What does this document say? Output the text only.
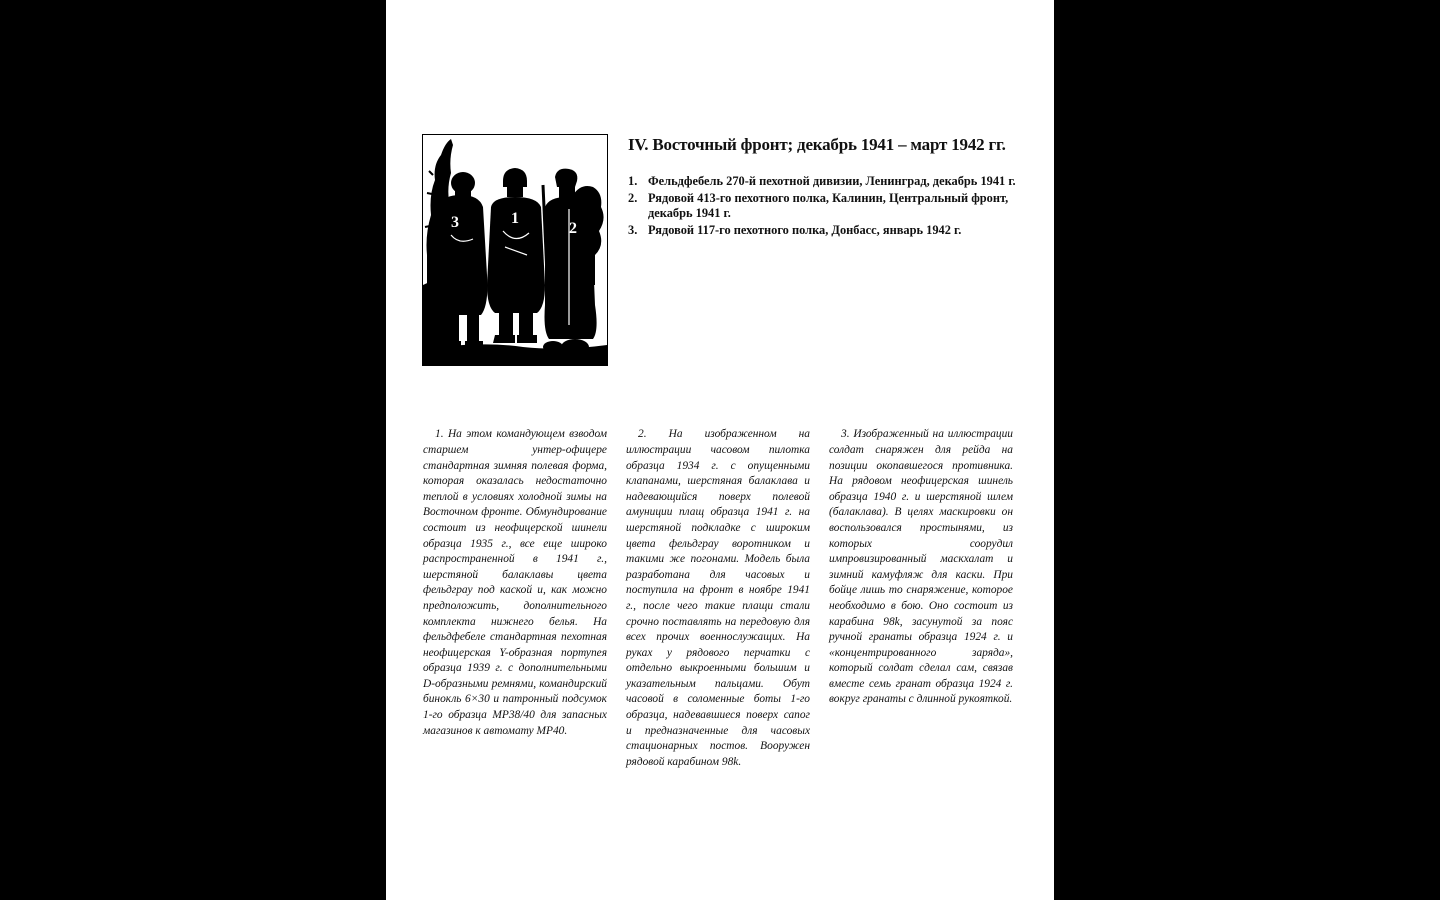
3	1
2
IV. Восточный фронт; декабрь 1941 – март 1942 гг.
1. Фельдфебель 270-й пехотной дивизии, Ленинград, декабрь 1941 г.
2. Рядовой 413-го пехотного полка, Калинин, Центральный фронт, декабрь 1941 г.
3. Рядовой 117-го пехотного полка, Донбасс, январь 1942 г.

1. На этом командующем взводом старшем унтер-офицере стандартная зимняя полевая форма, которая оказалась недостаточно теплой в условиях холодной зимы на Восточном фронте. Обмундирование состоит из неофицерской шинели образца 1935 г., все еще широко распространенной в 1941 г., шерстяной балаклавы цвета фельдграу под каской и, как можно предположить, дополнительного комплекта нижнего белья. На фельдфебеле стандартная пехотная неофицерская Y-образная портупея образца 1939 г. с дополнительными D-образными ремнями, командирский бинокль 6×30 и патронный подсумок 1-го образца MP38/40 для запасных магазинов к автомату MP40.

2. На изображенном на иллюстрации часовом пилотка образца 1934 г. с опущенными клапанами, шерстяная балаклава и надевающийся поверх полевой амуниции плащ образца 1941 г. на шерстяной подкладке с широким цвета фельдграу воротником и такими же погонами. Модель была разработана для часовых и поступила на фронт в ноябре 1941 г., после чего такие плащи стали срочно поставлять на передовую для всех прочих военнослужащих. На руках у рядового перчатки с отдельно выкроенными большим и указательным пальцами. Обут часовой в соломенные боты 1-го образца, надевавшиеся поверх сапог и предназначенные для часовых стационарных постов. Вооружен рядовой карабином 98k.

3. Изображенный на иллюстрации солдат снаряжен для рейда на позиции окопавшегося противника. На рядовом неофицерская шинель образца 1940 г. и шерстяной шлем (балаклава). В целях маскировки он воспользовался простынями, из которых соорудил импровизированный маскхалат и зимний камуфляж для каски. При бойце лишь то снаряжение, которое необходимо в бою. Оно состоит из карабина 98k, засунутой за пояс ручной гранаты образца 1924 г. и «концентрированного заряда», который солдат сделал сам, связав вместе семь гранат образца 1924 г. вокруг гранаты с длинной рукояткой.
